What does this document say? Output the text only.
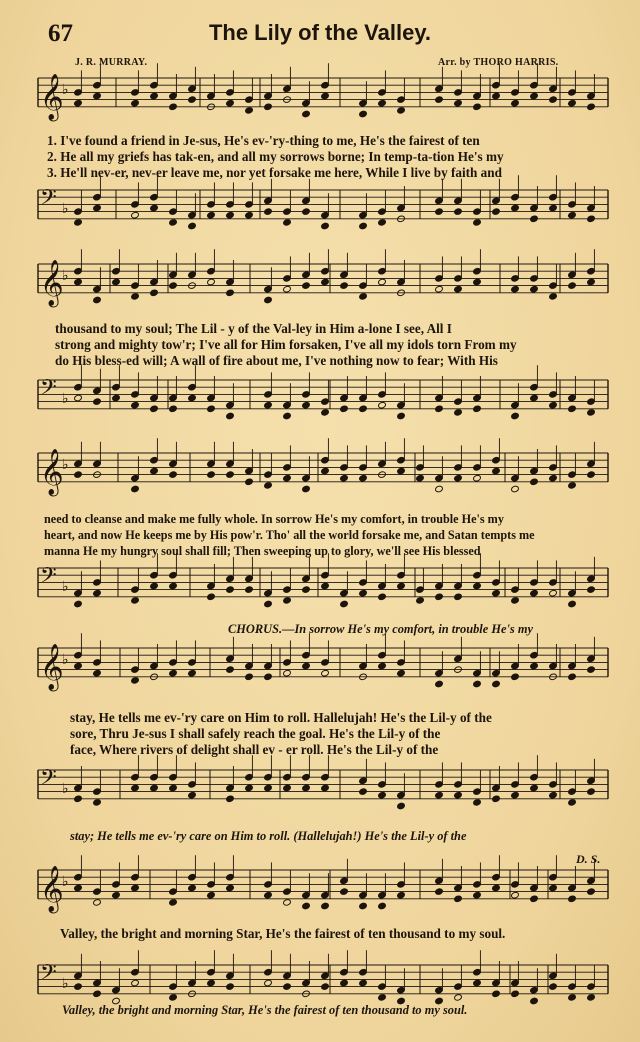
𝄞
♭
𝄢 ♭
𝄞
♭
𝄢 ♭
𝄞
♭
𝄢 ♭
𝄞
♭
𝄢 ♭
𝄞
♭
𝄢 ♭
67	The Lily of the Valley.
J. R. MURRAY.	Arr. by THORO HARRIS.
1. I've found a friend in Je-sus, He's ev-'ry-thing to me, He's the fairest of ten
2. He all my griefs has tak-en, and all my sorrows borne; In temp-ta-tion He's my
3. He'll nev-er, nev-er leave me, nor yet forsake me here, While I live by faith and
thousand to my soul; The Lil - y of the Val-ley in Him a-lone I see, All I
strong and mighty tow'r; I've all for Him forsaken, I've all my idols torn From my
do His bless-ed will; A wall of fire about me, I've nothing now to fear; With His
need to cleanse and make me fully whole. In sorrow He's my comfort, in trouble He's my
heart, and now He keeps me by His pow'r. Tho' all the world forsake me, and Satan tempts me
manna He my hungry soul shall fill; Then sweeping up to glory, we'll see His blessed
CHORUS.—In sorrow He's my comfort, in trouble He's my
stay, He tells me ev-'ry care on Him to roll. Hallelujah! He's the Lil-y of the
sore, Thru Je-sus I shall safely reach the goal. He's the Lil-y of the
face, Where rivers of delight shall ev - er roll. He's the Lil-y of the
stay; He tells me ev-'ry care on Him to roll. (Hallelujah!) He's the Lil-y of the
D. S.
Valley, the bright and morning Star, He's the fairest of ten thousand to my soul.
Valley, the bright and morning Star, He's the fairest of ten thousand to my soul.
